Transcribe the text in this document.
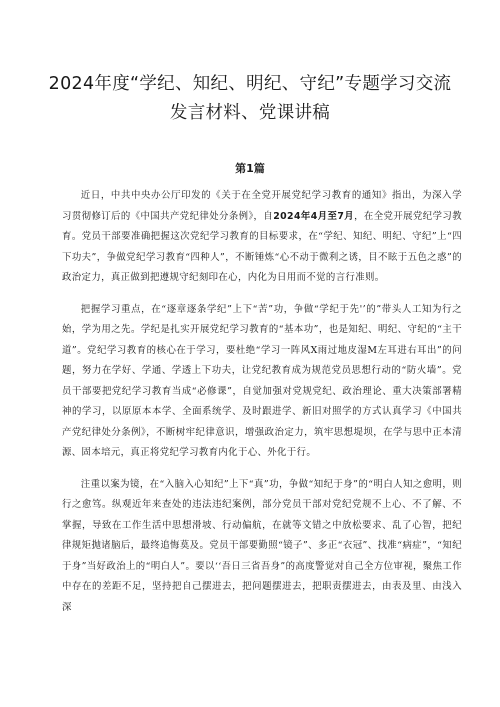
2024年度“学纪、知纪、明纪、守纪”专题学习交流发言材料、党课讲稿
第1篇

近日，中共中央办公厅印发的《关于在全党开展党纪学习教育的通知》指出，为深入学习贯彻修订后的《中国共产党纪律处分条例》，自2024年4月至7月，在全党开展党纪学习教育。党员干部要准确把握这次党纪学习教育的目标要求，在“学纪、知纪、明纪、守纪”上“四下功夫”，争做党纪学习教育“四种人”，不断锤炼“心不动于微利之诱，目不眩于五色之惑”的政治定力，真正做到把遵规守纪刻印在心，内化为日用而不觉的言行准则。

把握学习重点，在“逐章逐条学纪”上下“苦”功，争做“学纪于先'’的”带头人工知为行之始，学为用之先。学纪是扎实开展党纪学习教育的“基本功”，也是知纪、明纪、守纪的“主干道”。党纪学习教育的核心在于学习，要杜绝“学习一阵风X雨过地皮湿M左耳进右耳出”的问题，努力在学好、学通、学透上下功夫，让党纪教育成为规范党员思想行动的“防火墙”。党员干部要把党纪学习教育当成“必修课”，自觉加强对党规党纪、政治理论、重大决策部署精神的学习，以原原本本学、全面系统学、及时跟进学、新旧对照学的方式认真学习《中国共产党纪律处分条例》，不断树牢纪律意识，增强政治定力，筑牢思想堤坝，在学与思中正本清源、固本培元，真正将党纪学习教育内化于心、外化于行。

注重以案为镜，在“入脑入心知纪”上下“真”功，争做“知纪于身”的“明白人知之愈明，则行之愈笃。纵观近年来查处的违法违纪案例，部分党员干部对党纪党规不上心、不了解、不掌握，导致在工作生活中思想滑坡、行动偏航，在就等文错之中放松要求、乱了心智，把纪律规矩抛诸脑后，最终追悔莫及。党员干部要勤照“镜子”、多正“衣冠”、找准“病症”，“知纪于身”当好政治上的“明白人”。要以‘‘吾日三省吾身”的高度警觉对自己全方位审视，聚焦工作中存在的差距不足，坚持把自己摆进去，把问题摆进去，把职责摆进去，由表及里、由浅入深
